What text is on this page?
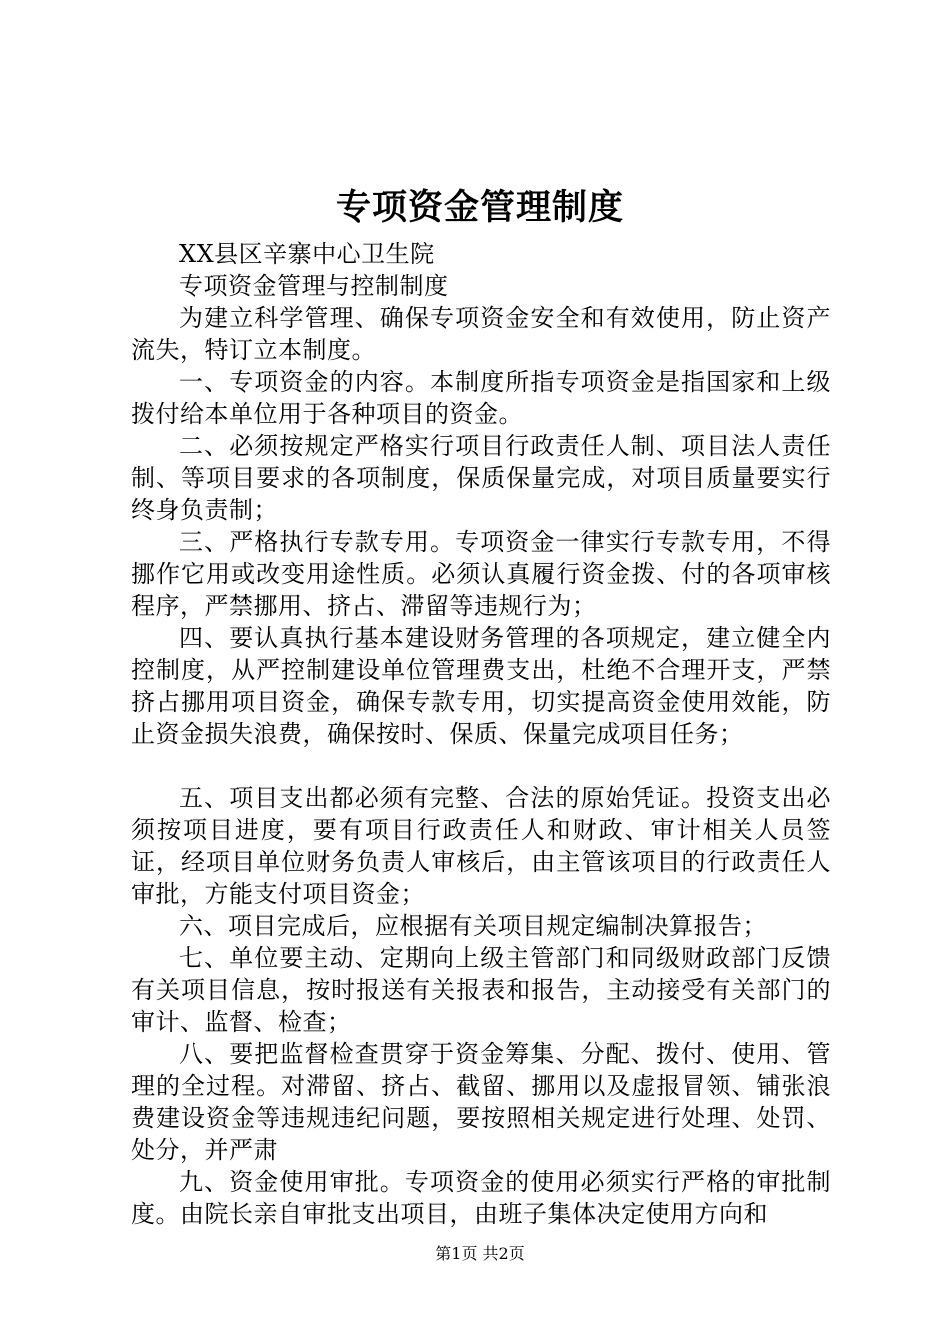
专项资金管理制度

XX县区辛寨中心卫生院

专项资金管理与控制制度

为建立科学管理、确保专项资金安全和有效使用，防止资产流失，特订立本制度。

一、专项资金的内容。本制度所指专项资金是指国家和上级拨付给本单位用于各种项目的资金。

二、必须按规定严格实行项目行政责任人制、项目法人责任制、等项目要求的各项制度，保质保量完成，对项目质量要实行终身负责制；

三、严格执行专款专用。专项资金一律实行专款专用，不得挪作它用或改变用途性质。必须认真履行资金拨、付的各项审核程序，严禁挪用、挤占、滞留等违规行为；

四、要认真执行基本建设财务管理的各项规定，建立健全内控制度，从严控制建设单位管理费支出，杜绝不合理开支，严禁挤占挪用项目资金，确保专款专用，切实提高资金使用效能，防止资金损失浪费，确保按时、保质、保量完成项目任务；

五、项目支出都必须有完整、合法的原始凭证。投资支出必须按项目进度，要有项目行政责任人和财政、审计相关人员签证，经项目单位财务负责人审核后，由主管该项目的行政责任人审批，方能支付项目资金；

六、项目完成后，应根据有关项目规定编制决算报告；

七、单位要主动、定期向上级主管部门和同级财政部门反馈有关项目信息，按时报送有关报表和报告，主动接受有关部门的审计、监督、检查；

八、要把监督检查贯穿于资金筹集、分配、拨付、使用、管理的全过程。对滞留、挤占、截留、挪用以及虚报冒领、铺张浪费建设资金等违规违纪问题，要按照相关规定进行处理、处罚、处分，并严肃

九、资金使用审批。专项资金的使用必须实行严格的审批制度。由院长亲自审批支出项目，由班子集体决定使用方向和

第1页 共2页
